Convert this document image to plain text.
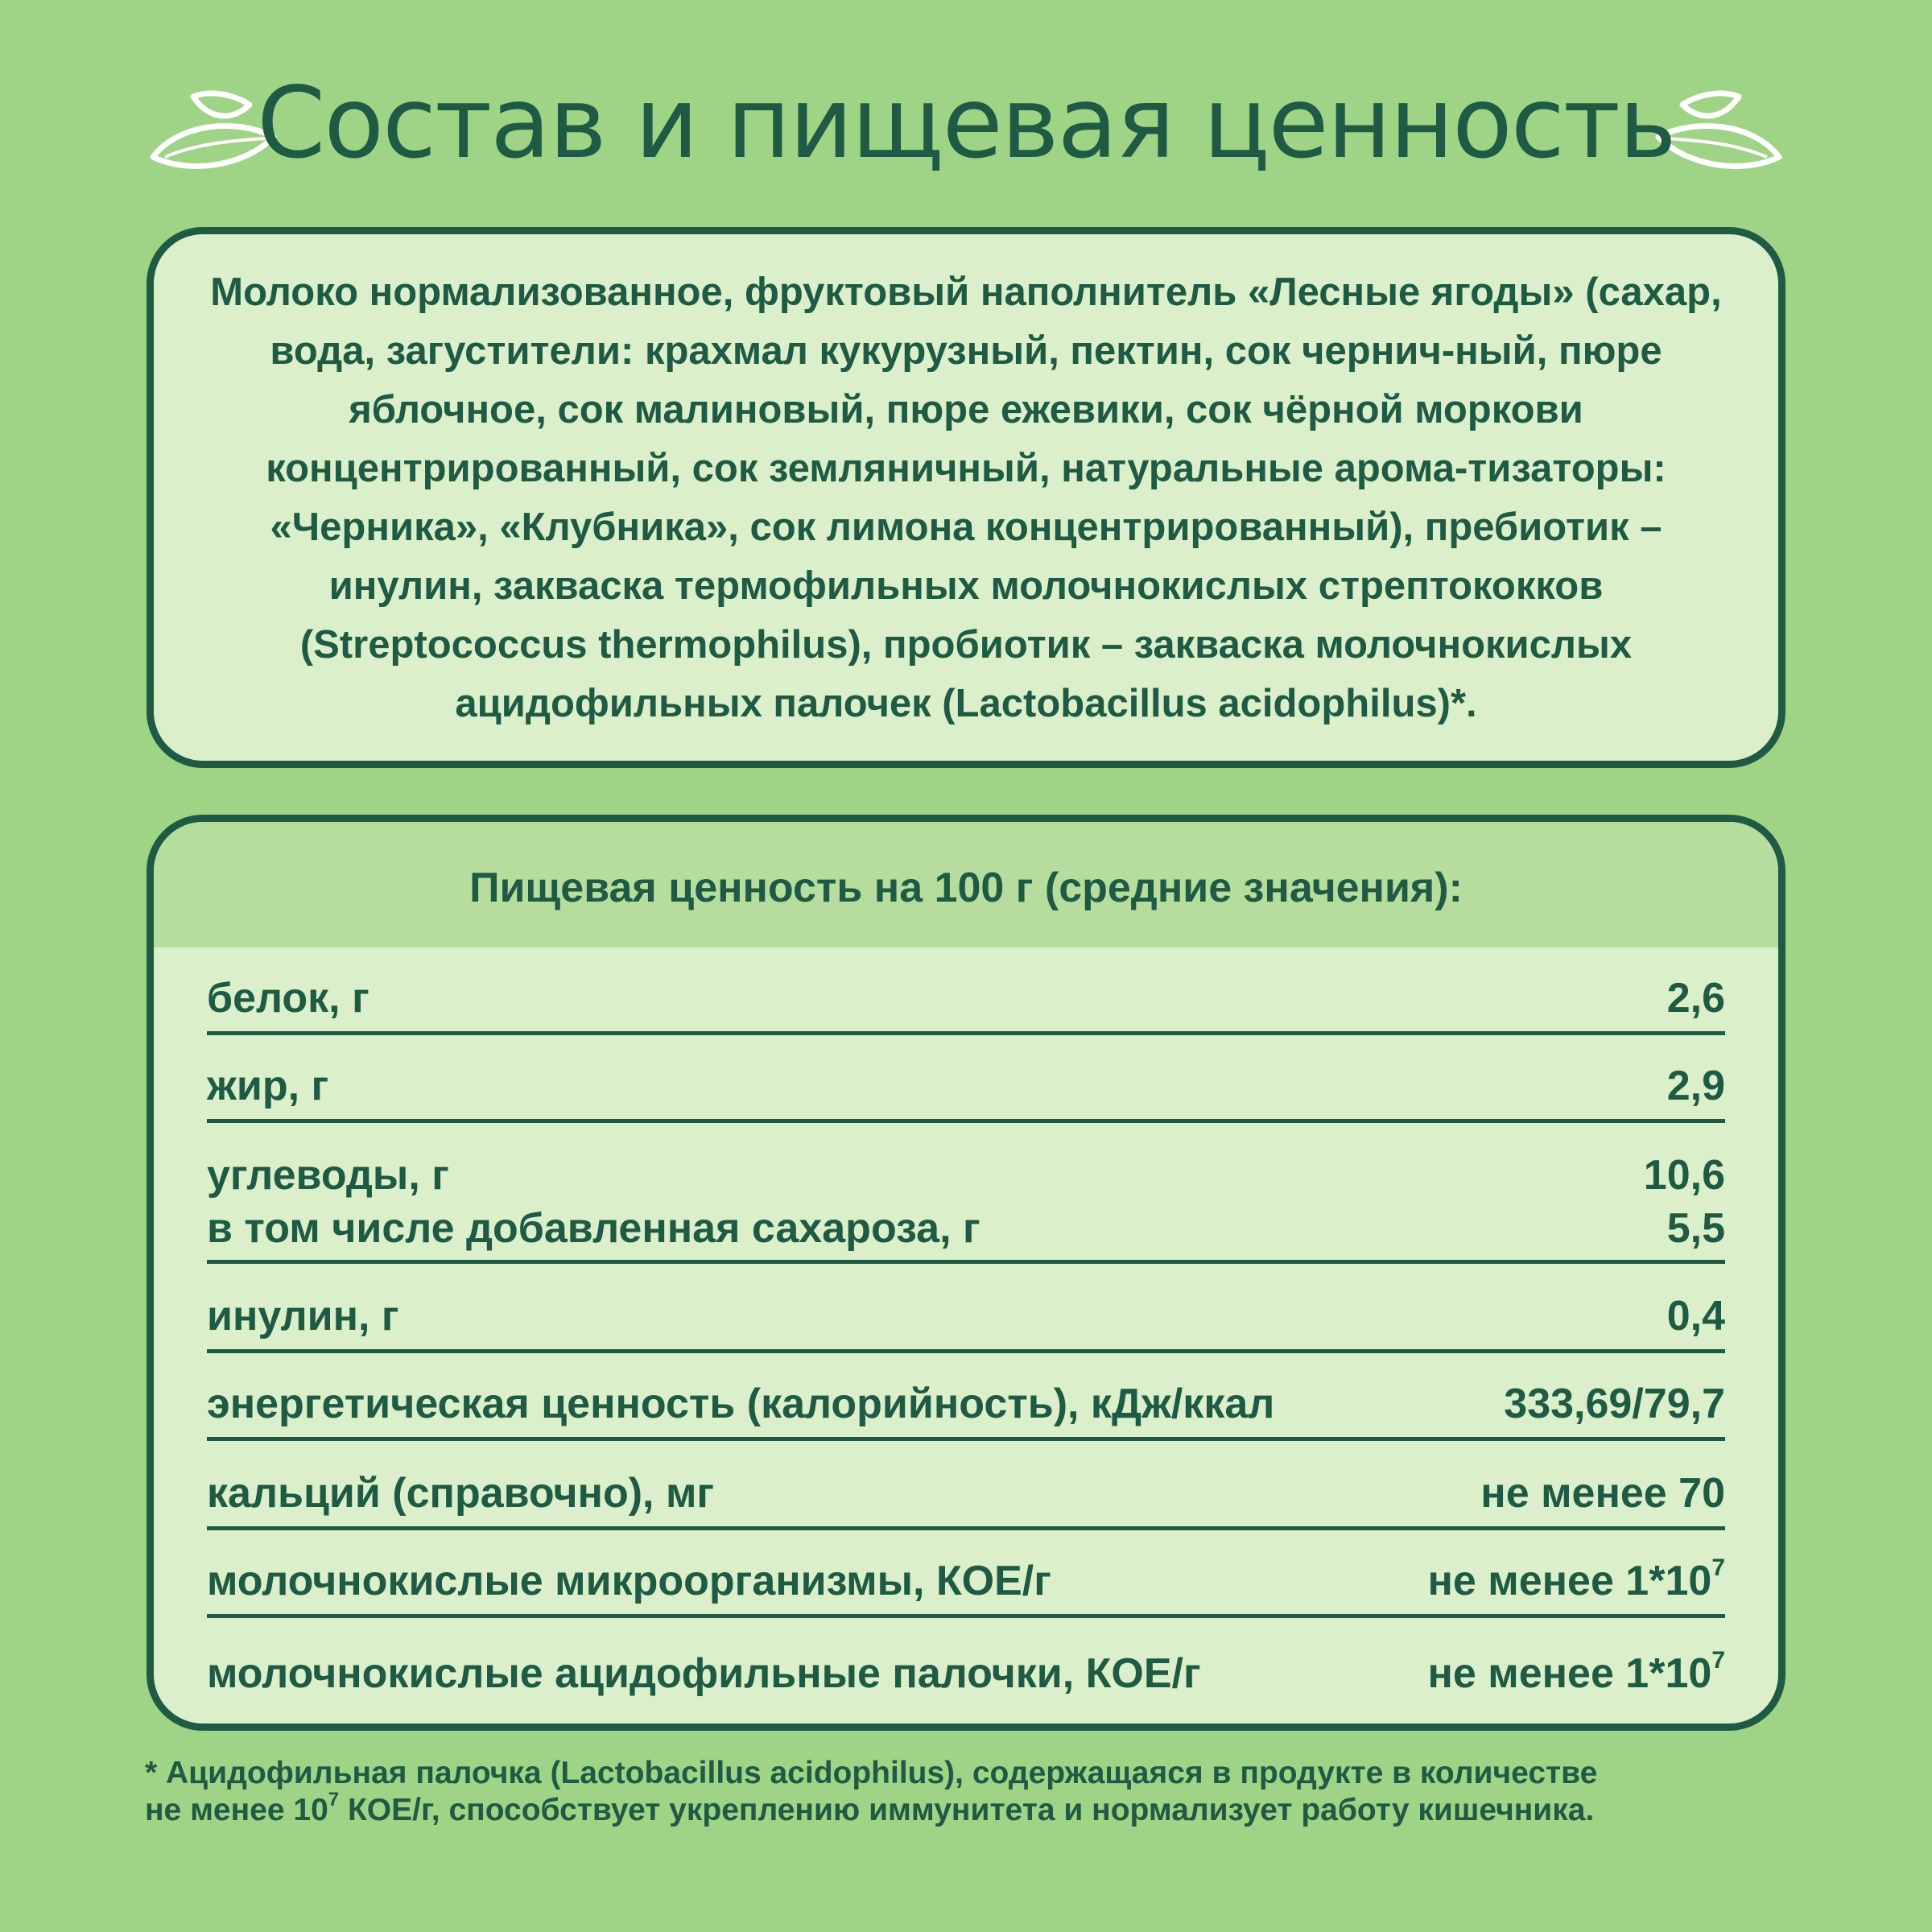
Состав и пищевая ценность

Молоко нормализованное, фруктовый наполнитель «Лесные ягоды» (сахар, вода, загустители: крахмал кукурузный, пектин, сок чернич-ный, пюре яблочное, сок малиновый, пюре ежевики, сок чёрной моркови концентрированный, сок земляничный, натуральные арома-тизаторы: «Черника», «Клубника», сок лимона концентрированный), пребиотик – инулин, закваска термофильных молочнокислых стрептококков (Streptococcus thermophilus), пробиотик – закваска молочнокислых ацидофильных палочек (Lactobacillus acidophilus)*.

Пищевая ценность на 100 г (средние значения):
белок, г	2,6
жир, г	2,9
углеводы, г	10,6
в том числе добавленная сахароза, г	5,5
инулин, г	0,4
энергетическая ценность (калорийность), кДж/ккал	333,69/79,7
кальций (справочно), мг	не менее 70
молочнокислые микроорганизмы, КОЕ/г	не менее $1*10^7$
молочнокислые ацидофильные палочки, КОЕ/г	не менее $1*10^7$
* Ацидофильная палочка (Lactobacillus acidophilus), содержащаяся в продукте в количестве
не менее $10^7$ КОЕ/г, способствует укреплению иммунитета и нормализует работу кишечника.
